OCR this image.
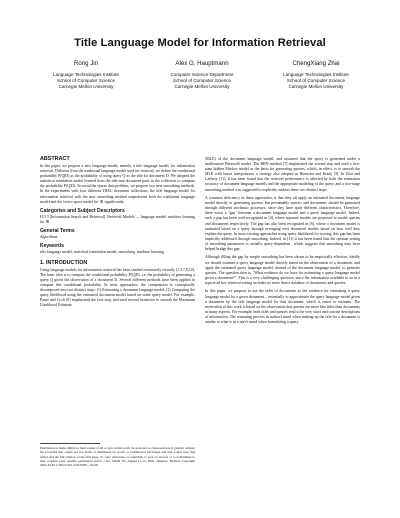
Title Language Model for Information Retrieval
Rong Jin
Language Technologies Institute
School of Computer Science
Carnegie Mellon University
Alex G. Hauptmann
Computer Science Department
School of Computer Science
Carnegie Mellon University
ChengXiang Zhai
Language Technologies Institute
School of Computer Science
Carnegie Mellon University
ABSTRACT
In this paper, we propose a new language model, namely, a title language model, for information retrieval. Different from the traditional language model used for retrieval, we define the conditional probability P(Q|D) as the probability of using query Q as the title for document D. We adopted the statistical translation model learned from the title and document pairs in the collection to compute the probability P(Q|D). To avoid the sparse data problem, we propose two new smoothing methods. In the experiments with four different TREC document collections, the title language model for information retrieval with the new smoothing method outperforms both the traditional language model and the vector space model for IR significantly.
Categories and Subject Descriptors
H.3.3 [Information Search and Retrieval]: Retrieval Models — language model; machine learning for IR
General Terms
Algorithms
Keywords
title language model, statistical translation model, smoothing, machine learning
1. INTRODUCTION
Using language models for information retrieval has been studied extensively recently [1,3,7,8,10]. The basic idea is to compute the conditional probability P(Q|D), i.e. the probability of generating a query Q given the observation of a document D. Several different methods have been applied to compute this conditional probability. In most approaches, the computation is conceptually decomposed into two distinct steps: (1) Estimating a document language model; (2) Computing the query likelihood using the estimated document model based on some query model. For example, Ponte and Croft [8] emphasized the first step, and used several heuristics to smooth the Maximum Likelihood Estimate
Permission to make digital or hard copies of all or part of this work for personal or classroom use is granted without fee provided that copies are not made or distributed for profit or commercial advantage and that copies bear this notice and the full citation on the first page. To copy otherwise, or republish, to post on servers or to redistribute to lists, requires prior specific permission and/or a fee. SIGIR '02, August 11-15, 2002, Tampere, Finland. Copyright 2002 ACM 1-58113-561-0/02/0008…$5.00.
(MLE) of the document language model, and assumed that the query is generated under a multivariate Bernoulli model. The BBN method [7] emphasized the second step and used a two-state hidden Markov model as the basis for generating queries, which, in effect, is to smooth the MLE with linear interpolation, a strategy also adopted in Hiemstra and Kraaij [3]. In Zhai and Lafferty [11], it has been found that the retrieval performance is affected by both the estimation accuracy of document language models and the appropriate modeling of the query, and a two-stage smoothing method was suggested to explicitly address these two distinct steps.
A common deficiency in these approaches is that they all apply an estimated document language model directly to generating queries, but presumably queries and documents should be generated through different stochastic processes, since they have quite different characteristics. Therefore, there exists a "gap" between a document language model and a query language model. Indeed, such a gap has been well-recognized in [4], where separate models are proposed to model queries and documents respectively. The gap has also been recognized in [6], where a document model is estimated based on a query through averaging over document models based on how well they explain the query. In most existing approaches using query likelihood for scoring, this gap has been implicitly addressed through smoothing. Indeed, in [11] it has been found that the optimal setting of smoothing parameters is actually query-dependent , which suggests that smoothing may have helped bridge this gap.
Although filling the gap by simple smoothing has been shown to be empirically effective, ideally we should estimate a query language model directly based on the observation of a document, and apply the estimated query language model, instead of the document language model, to generate queries. The question then is, "What evidence do we have for estimating a query language model given a document?". This is a very challenging question, since the information available to us in a typical ad hoc retrieval setting includes no more than a database of documents and queries.
In this paper, we propose to use the titles of documents as the evidence for estimating a query language model for a given document – essentially to approximate the query language model given a document by the title language model for that document, which is easier to estimate. The motivation of this work is based on the observation that queries are more like titles than documents in many aspects. For example, both titles and queries tend to be very short and concise descriptions of information. The reasoning process in author's mind when making up the title for a document is similar to what is in a user's mind when formulating a query
